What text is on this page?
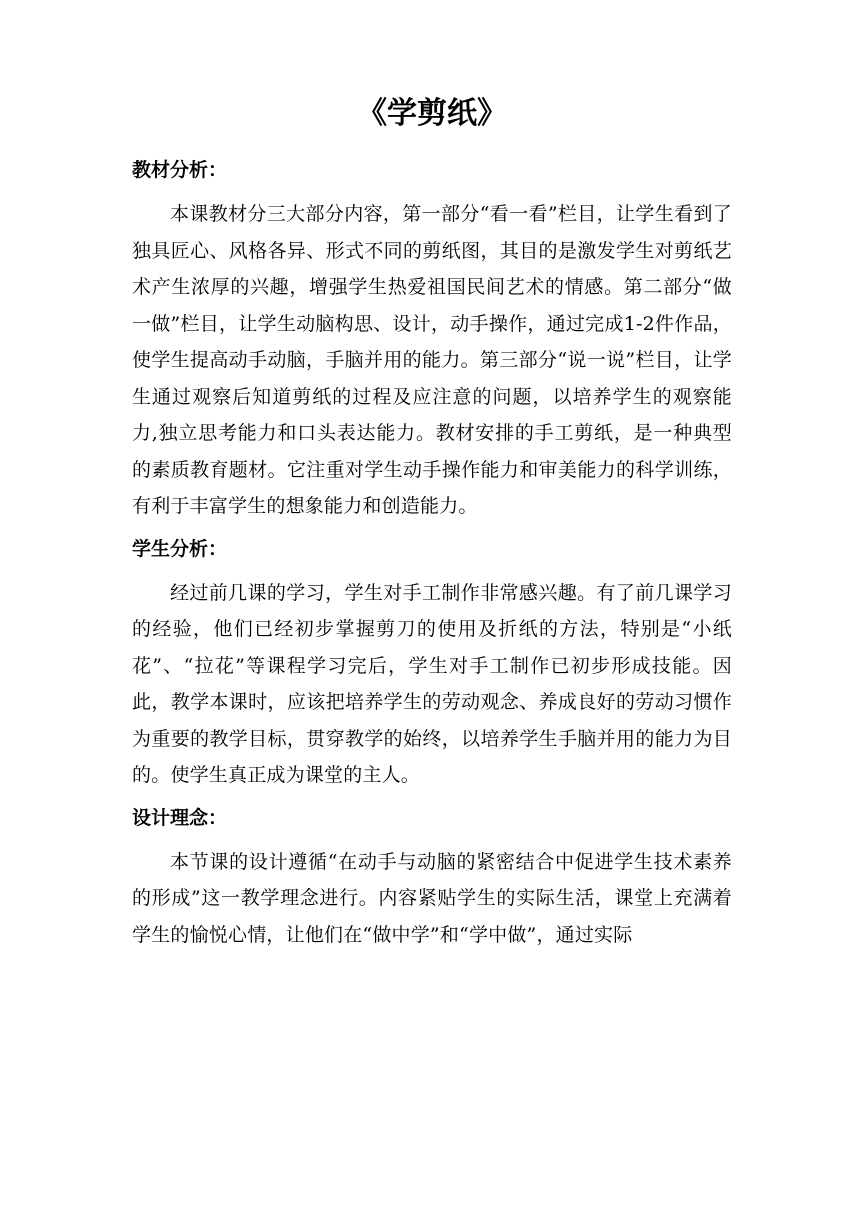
《学剪纸》
教材分析：

本课教材分三大部分内容，第一部分“看一看”栏目，让学生看到了独具匠心、风格各异、形式不同的剪纸图，其目的是激发学生对剪纸艺术产生浓厚的兴趣，增强学生热爱祖国民间艺术的情感。第二部分“做一做”栏目，让学生动脑构思、设计，动手操作，通过完成1-2件作品，使学生提高动手动脑，手脑并用的能力。第三部分“说一说”栏目，让学生通过观察后知道剪纸的过程及应注意的问题，以培养学生的观察能力,独立思考能力和口头表达能力。教材安排的手工剪纸，是一种典型的素质教育题材。它注重对学生动手操作能力和审美能力的科学训练，有利于丰富学生的想象能力和创造能力。

学生分析：

经过前几课的学习，学生对手工制作非常感兴趣。有了前几课学习的经验，他们已经初步掌握剪刀的使用及折纸的方法，特别是“小纸花”、“拉花”等课程学习完后，学生对手工制作已初步形成技能。因此，教学本课时，应该把培养学生的劳动观念、养成良好的劳动习惯作为重要的教学目标，贯穿教学的始终，以培养学生手脑并用的能力为目的。使学生真正成为课堂的主人。

设计理念：

本节课的设计遵循“在动手与动脑的紧密结合中促进学生技术素养的形成”这一教学理念进行。内容紧贴学生的实际生活，课堂上充满着学生的愉悦心情，让他们在“做中学”和“学中做”，通过实际
